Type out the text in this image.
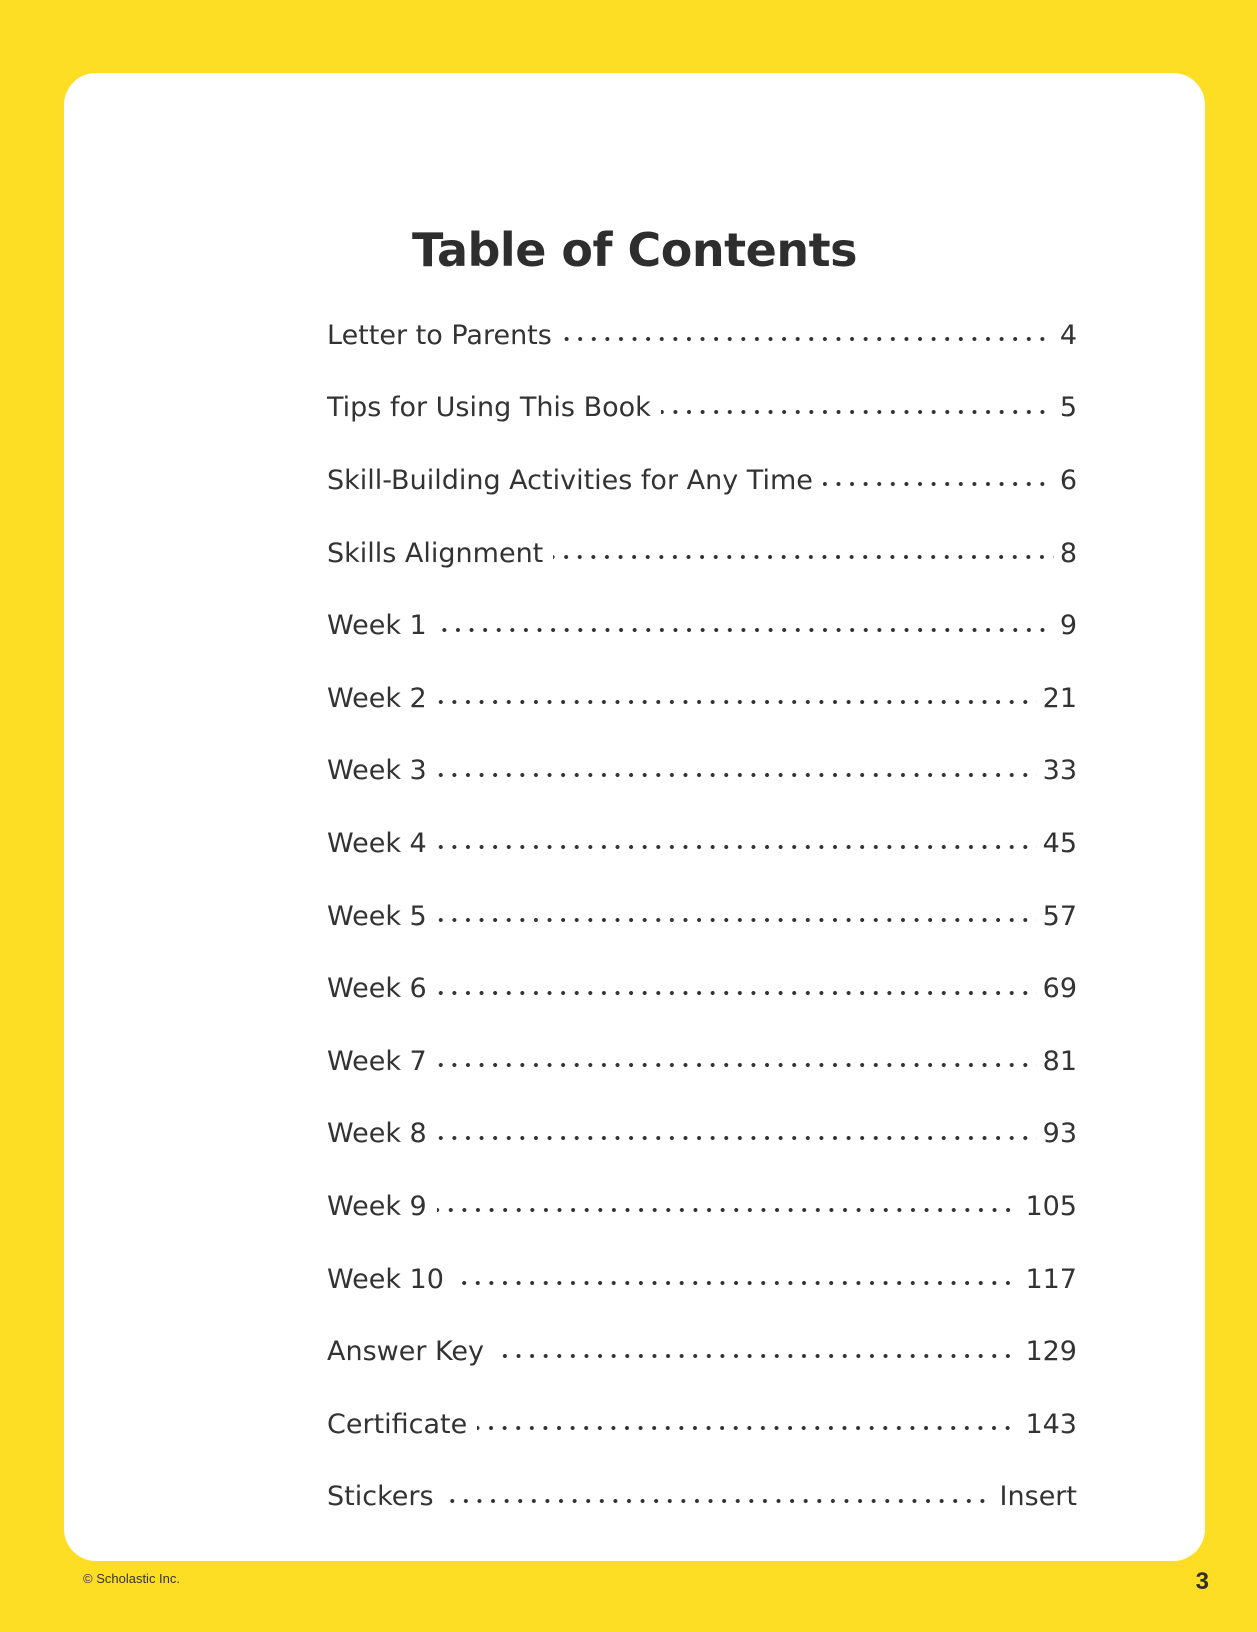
Table of Contents
Letter to Parents	4
Tips for Using This Book	5
Skill-Building Activities for Any Time	6
Skills Alignment	8
Week 1	9
Week 2	21
Week 3	33
Week 4	45
Week 5	57
Week 6	69
Week 7	81
Week 8	93
Week 9	105
Week 10	117
Answer Key	129
Certificate	143
Stickers	Insert
© Scholastic Inc.	3
